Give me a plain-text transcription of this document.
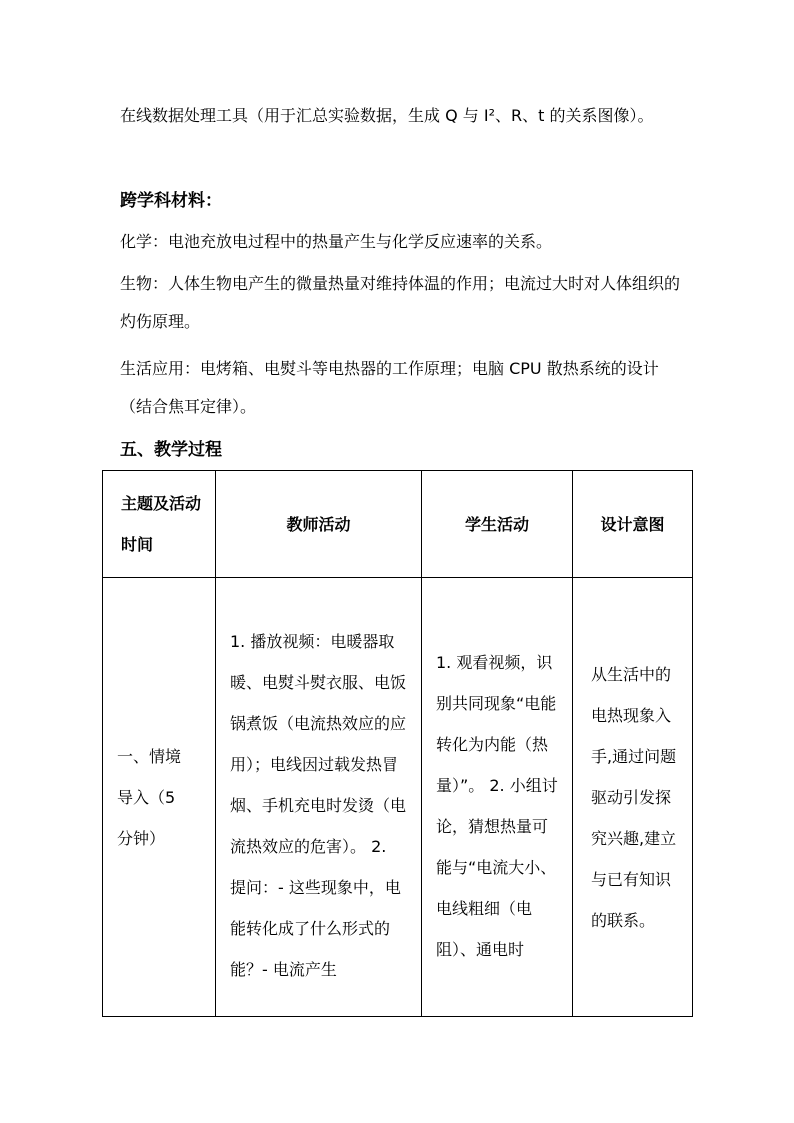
在线数据处理工具（用于汇总实验数据，生成 Q 与 I²、R、t 的关系图像）。
跨学科材料：
化学：电池充放电过程中的热量产生与化学反应速率的关系。
生物：人体生物电产生的微量热量对维持体温的作用；电流过大时对人体组织的灼伤原理。
生活应用：电烤箱、电熨斗等电热器的工作原理；电脑 CPU 散热系统的设计（结合焦耳定律）。
五、教学过程
主题及活动时间	教师活动	学生活动	设计意图

一、情境导入（5分钟）	1. 播放视频：电暖器取暖、电熨斗熨衣服、电饭锅煮饭（电流热效应的应用）；电线因过载发热冒烟、手机充电时发烫（电流热效应的危害）。 2. 提问：- 这些现象中，电能转化成了什么形式的能？- 电流产生	1. 观看视频，识别共同现象“电能转化为内能（热量）”。 2. 小组讨论，猜想热量可能与“电流大小、电线粗细（电阻）、通电时	从生活中的电热现象入手,通过问题驱动引发探究兴趣,建立与已有知识的联系。
